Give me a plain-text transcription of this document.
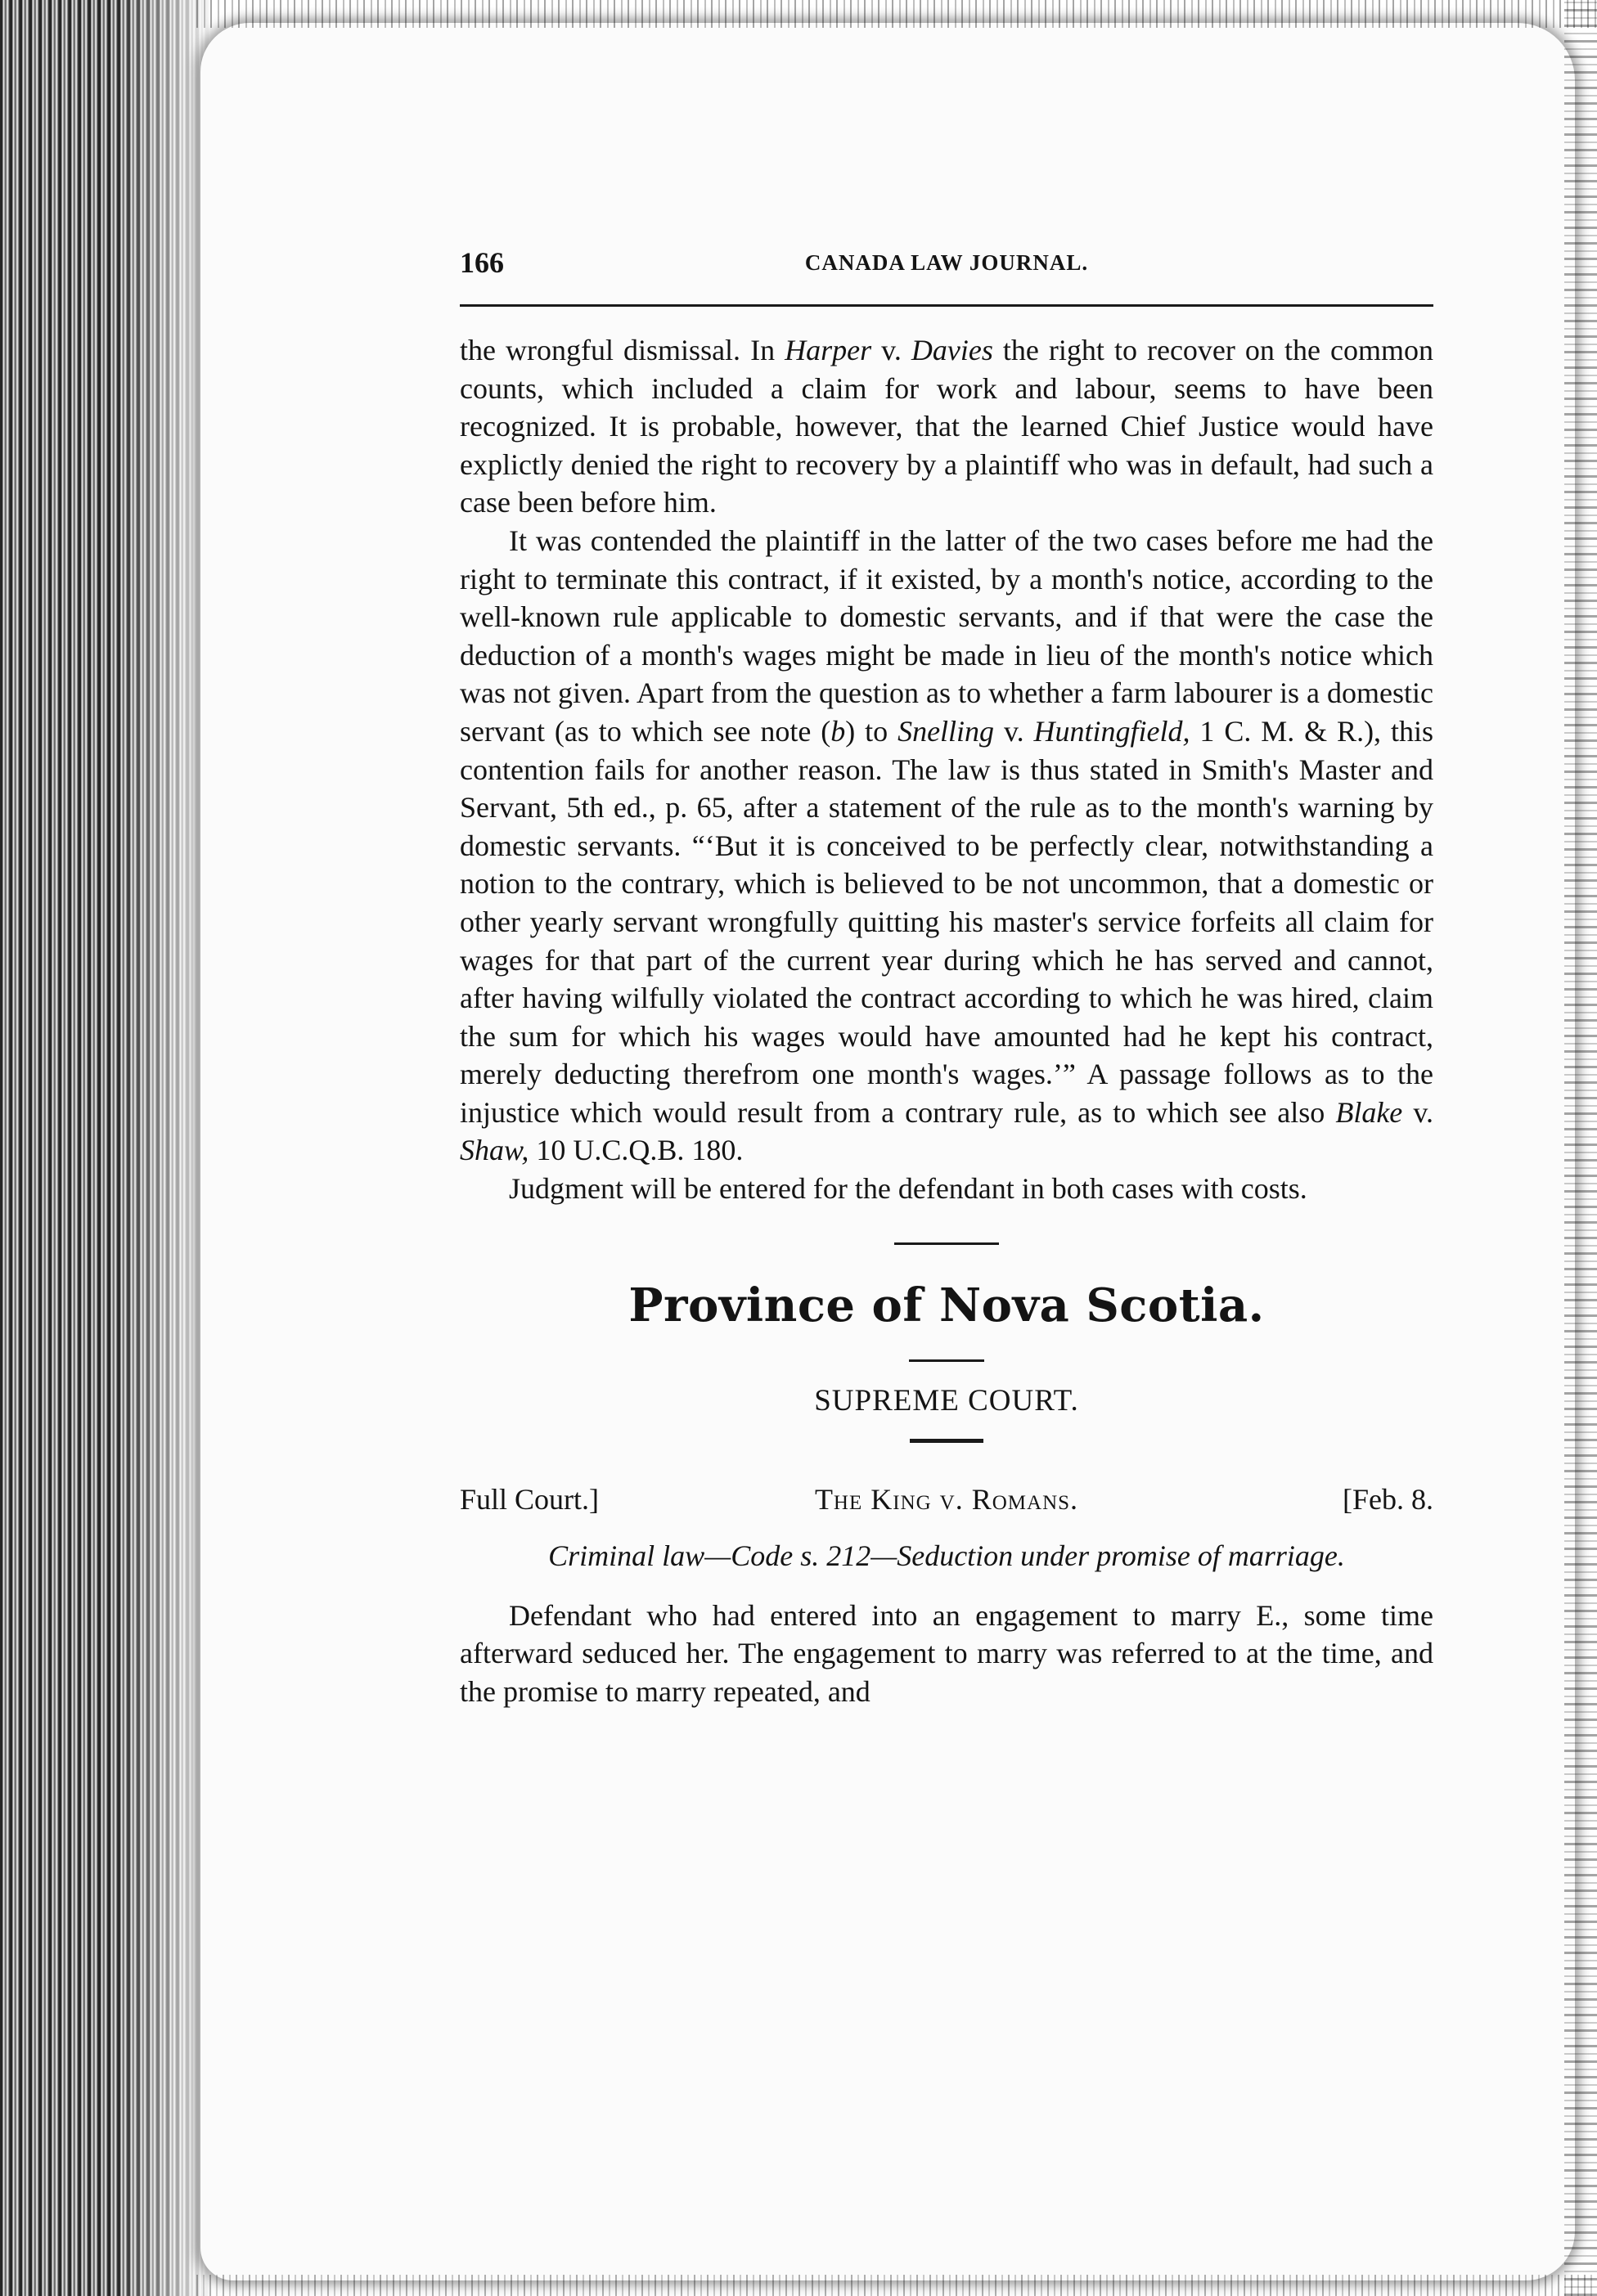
166	CANADA LAW JOURNAL.

the wrongful dismissal. In Harper v. Davies the right to recover on the common counts, which included a claim for work and labour, seems to have been recognized. It is probable, however, that the learned Chief Justice would have explictly denied the right to recovery by a plaintiff who was in default, had such a case been before him.

It was contended the plaintiff in the latter of the two cases before me had the right to terminate this contract, if it existed, by a month's notice, according to the well-known rule applicable to domestic servants, and if that were the case the deduction of a month's wages might be made in lieu of the month's notice which was not given. Apart from the question as to whether a farm labourer is a domestic servant (as to which see note (b) to Snelling v. Huntingfield, 1 C. M. & R.), this contention fails for another reason. The law is thus stated in Smith's Master and Servant, 5th ed., p. 65, after a statement of the rule as to the month's warning by domestic servants. “‘But it is conceived to be perfectly clear, notwithstanding a notion to the contrary, which is believed to be not uncommon, that a domestic or other yearly servant wrongfully quitting his master's service forfeits all claim for wages for that part of the current year during which he has served and cannot, after having wilfully violated the contract according to which he was hired, claim the sum for which his wages would have amounted had he kept his contract, merely deducting therefrom one month's wages.’” A passage follows as to the injustice which would result from a contrary rule, as to which see also Blake v. Shaw, 10 U.C.Q.B. 180.

Judgment will be entered for the defendant in both cases with costs.

Province of Nova Scotia.
SUPREME COURT.
Full Court.]	The King v. Romans.	[Feb. 8.
Criminal law—Code s. 212—Seduction under promise of marriage.

Defendant who had entered into an engagement to marry E., some time afterward seduced her. The engagement to marry was referred to at the time, and the promise to marry repeated, and
